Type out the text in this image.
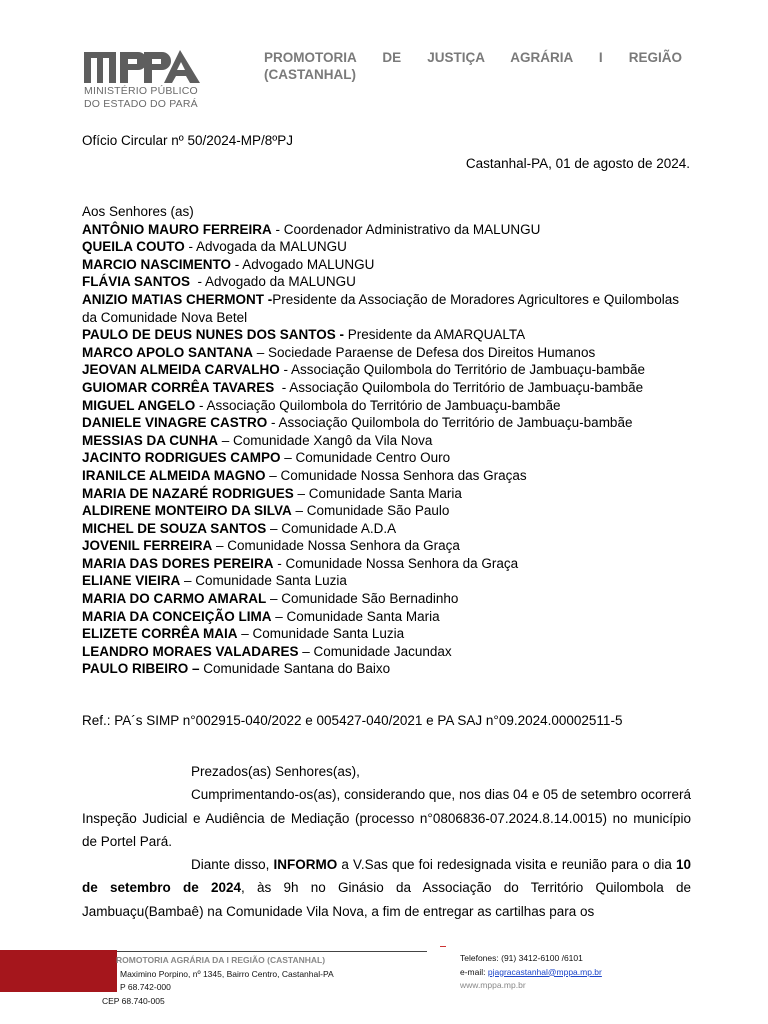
MINISTÉRIO PÚBLICO
DO ESTADO DO PARÁ
PROMOTORIA DE JUSTIÇA AGRÁRIA I REGIÃO
(CASTANHAL)
Ofício Circular nº 50/2024-MP/8ºPJ
Castanhal-PA, 01 de agosto de 2024.

Aos Senhores (as)

ANTÔNIO MAURO FERREIRA - Coordenador Administrativo da MALUNGU

QUEILA COUTO - Advogada da MALUNGU

MARCIO NASCIMENTO - Advogado MALUNGU

FLÁVIA SANTOS  - Advogado da MALUNGU

ANIZIO MATIAS CHERMONT -Presidente da Associação de Moradores Agricultores e Quilombolas da Comunidade Nova Betel

PAULO DE DEUS NUNES DOS SANTOS - Presidente da AMARQUALTA

MARCO APOLO SANTANA – Sociedade Paraense de Defesa dos Direitos Humanos

JEOVAN ALMEIDA CARVALHO - Associação Quilombola do Território de Jambuaçu-bambãe

GUIOMAR CORRÊA TAVARES  - Associação Quilombola do Território de Jambuaçu-bambãe

MIGUEL ANGELO - Associação Quilombola do Território de Jambuaçu-bambãe

DANIELE VINAGRE CASTRO - Associação Quilombola do Território de Jambuaçu-bambãe

MESSIAS DA CUNHA – Comunidade Xangô da Vila Nova

JACINTO RODRIGUES CAMPO – Comunidade Centro Ouro

IRANILCE ALMEIDA MAGNO – Comunidade Nossa Senhora das Graças

MARIA DE NAZARÉ RODRIGUES – Comunidade Santa Maria

ALDIRENE MONTEIRO DA SILVA – Comunidade São Paulo

MICHEL DE SOUZA SANTOS – Comunidade A.D.A

JOVENIL FERREIRA – Comunidade Nossa Senhora da Graça

MARIA DAS DORES PEREIRA - Comunidade Nossa Senhora da Graça

ELIANE VIEIRA – Comunidade Santa Luzia

MARIA DO CARMO AMARAL – Comunidade São Bernadinho

MARIA DA CONCEIÇÃO LIMA – Comunidade Santa Maria

ELIZETE CORRÊA MAIA – Comunidade Santa Luzia

LEANDRO MORAES VALADARES – Comunidade Jacundax

PAULO RIBEIRO – Comunidade Santana do Baixo

Ref.: PA´s SIMP n°002915-040/2022 e 005427-040/2021 e PA SAJ n°09.2024.00002511-5

Prezados(as) Senhores(as),

Cumprimentando-os(as), considerando que, nos dias 04 e 05 de setembro ocorrerá Inspeção Judicial e Audiência de Mediação (processo n°0806836-07.2024.8.14.0015) no município de Portel Pará.

Diante disso, INFORMO a V.Sas que foi redesignada visita e reunião para o dia 10 de setembro de 2024, às 9h no Ginásio da Associação do Território Quilombola de Jambuaçu(Bambaê) na Comunidade Vila Nova, a fim de entregar as cartilhas para os

ROMOTORIA AGRÁRIA DA I REGIÃO (CASTANHAL)
Maximino Porpino, nº 1345, Bairro Centro, Castanhal-PA
P 68.742-000
CEP 68.740-005
Telefones: (91) 3412-6100 /6101
e-mail: pjagracastanhal@mppa.mp.br
www.mppa.mp.br
